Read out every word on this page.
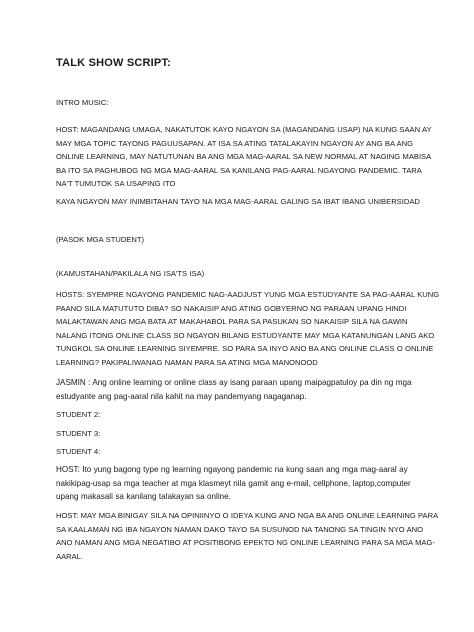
TALK SHOW SCRIPT:

INTRO MUSIC:

HOST: MAGANDANG UMAGA, NAKATUTOK KAYO NGAYON SA (MAGANDANG USAP) NA KUNG SAAN AY
MAY MGA TOPIC TAYONG PAGUUSAPAN. AT ISA SA ATING TATALAKAYIN NGAYON AY ANG BA ANG
ONLINE LEARNING, MAY NATUTUNAN BA ANG MGA MAG-AARAL SA NEW NORMAL AT NAGING MABISA
BA ITO SA PAGHUBOG NG MGA MAG-AARAL SA KANILANG PAG-AARAL NGAYONG PANDEMIC. TARA
NA'T TUMUTOK SA USAPING ITO

KAYA NGAYON MAY INIMBITAHAN TAYO NA MGA MAG-AARAL GALING SA IBAT IBANG UNIBERSIDAD

(PASOK MGA STUDENT)

(KAMUSTAHAN/PAKILALA NG ISA'TS ISA)

HOSTS: SYEMPRE NGAYONG PANDEMIC NAG-AADJUST YUNG MGA ESTUDYANTE SA PAG-AARAL KUNG
PAANO SILA MATUTUTO DIBA? SO NAKAISIP ANG ATING GOBYERNO NG PARAAN UPANG HINDI
MALAKTAWAN ANG MGA BATA AT MAKAHABOL PARA SA PASUKAN SO NAKAISIP SILA NA GAWIN
NALANG ITONG ONLINE CLASS SO NGAYON BILANG ESTUDYANTE MAY MGA KATANUNGAN LANG AKO
TUNGKOL SA ONLINE LEARNING SIYEMPRE. SO PARA SA INYO ANO BA ANG ONLINE CLASS O ONLINE
LEARNING? PAKIPALIWANAG NAMAN PARA SA ATING MGA MANONOOD

JASMIN : Ang online learning or online class ay isang paraan upang maipagpatuloy pa din ng mga
estudyante ang pag-aaral nila kahit na may pandemyang nagaganap.

STUDENT 2:

STUDENT 3:

STUDENT 4:

HOST: Ito yung bagong type ng learning ngayong pandemic na kung saan ang mga mag-aaral ay
nakikipag-usap sa mga teacher at mga klasmeyt nila gamit ang e-mail, cellphone, laptop,computer
upang makasali sa kanilang talakayan sa online.

HOST: MAY MGA BINIGAY SILA NA OPINIINYO O IDEYA KUNG ANO NGA BA ANG ONLINE LEARNING PARA
SA KAALAMAN NG IBA NGAYON NAMAN DAKO TAYO SA SUSUNOD NA TANONG SA TINGIN NYO ANO
ANO NAMAN ANG MGA NEGATIBO AT POSITIBONG EPEKTO NG ONLINE LEARNING PARA SA MGA MAG-
AARAL.
